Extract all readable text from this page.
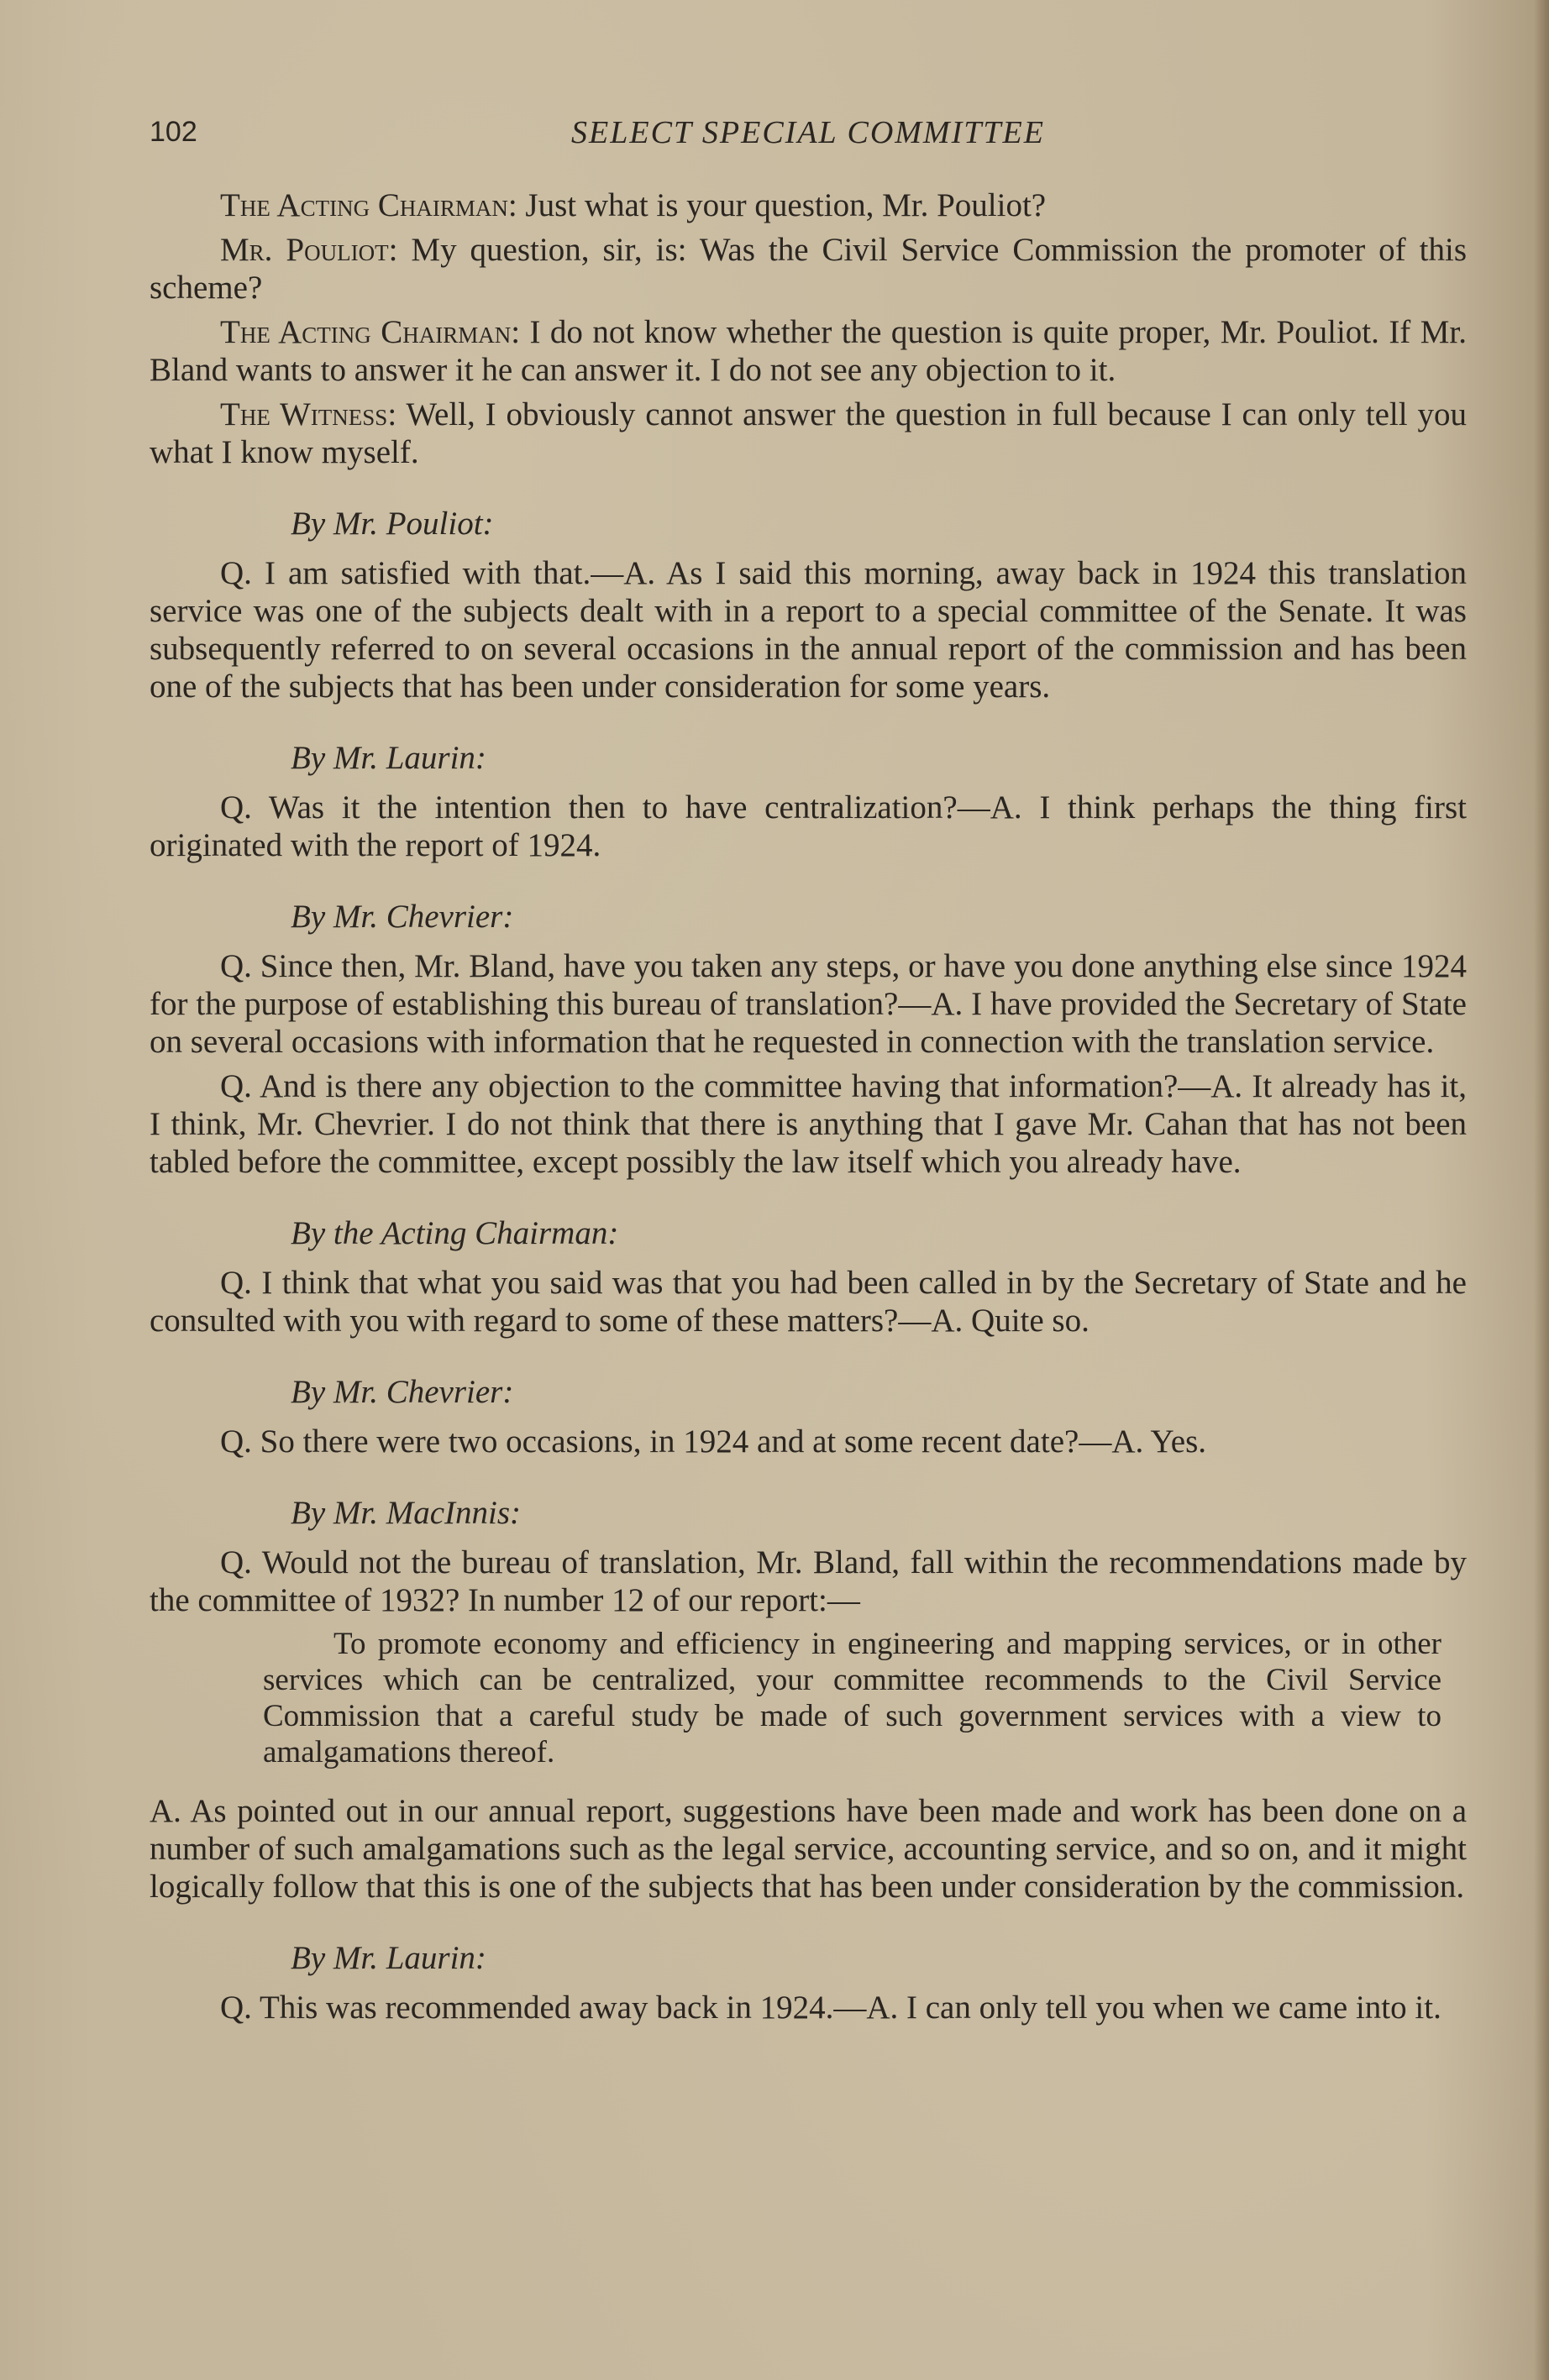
102	SELECT SPECIAL COMMITTEE

The Acting Chairman: Just what is your question, Mr. Pouliot?

Mr. Pouliot: My question, sir, is: Was the Civil Service Commission the promoter of this scheme?

The Acting Chairman: I do not know whether the question is quite proper, Mr. Pouliot. If Mr. Bland wants to answer it he can answer it. I do not see any objection to it.

The Witness: Well, I obviously cannot answer the question in full because I can only tell you what I know myself.

By Mr. Pouliot:

Q. I am satisfied with that.—A. As I said this morning, away back in 1924 this translation service was one of the subjects dealt with in a report to a special committee of the Senate. It was subsequently referred to on several occasions in the annual report of the commission and has been one of the subjects that has been under consideration for some years.

By Mr. Laurin:

Q. Was it the intention then to have centralization?—A. I think perhaps the thing first originated with the report of 1924.

By Mr. Chevrier:

Q. Since then, Mr. Bland, have you taken any steps, or have you done anything else since 1924 for the purpose of establishing this bureau of translation?—A. I have provided the Secretary of State on several occasions with information that he requested in connection with the translation service.

Q. And is there any objection to the committee having that information?—A. It already has it, I think, Mr. Chevrier. I do not think that there is anything that I gave Mr. Cahan that has not been tabled before the committee, except possibly the law itself which you already have.

By the Acting Chairman:

Q. I think that what you said was that you had been called in by the Secretary of State and he consulted with you with regard to some of these matters?—A. Quite so.

By Mr. Chevrier:

Q. So there were two occasions, in 1924 and at some recent date?—A. Yes.

By Mr. MacInnis:

Q. Would not the bureau of translation, Mr. Bland, fall within the recommendations made by the committee of 1932? In number 12 of our report:—

To promote economy and efficiency in engineering and mapping services, or in other services which can be centralized, your committee recommends to the Civil Service Commission that a careful study be made of such government services with a view to amalgamations thereof.

A. As pointed out in our annual report, suggestions have been made and work has been done on a number of such amalgamations such as the legal service, accounting service, and so on, and it might logically follow that this is one of the subjects that has been under consideration by the commission.

By Mr. Laurin:

Q. This was recommended away back in 1924.—A. I can only tell you when we came into it.
